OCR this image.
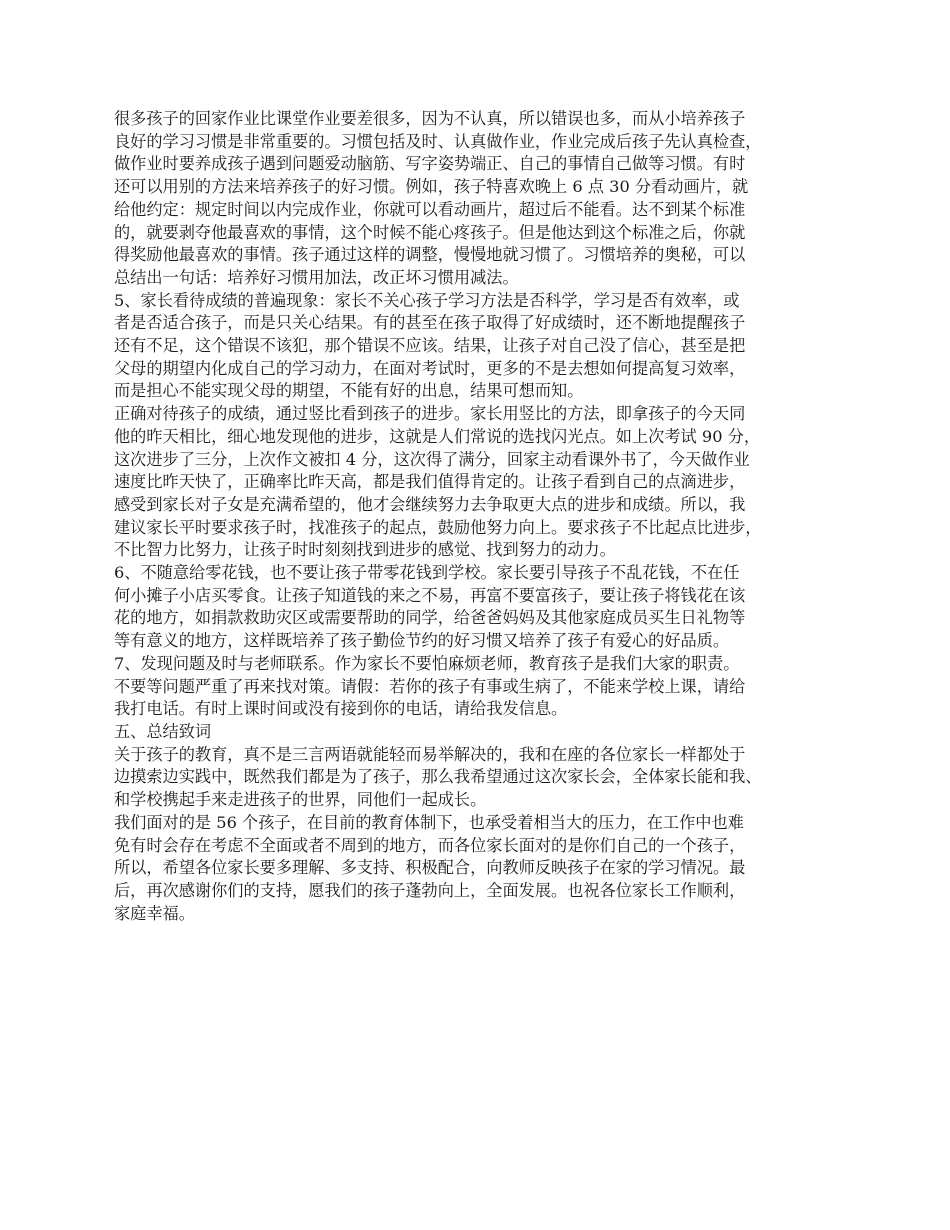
很多孩子的回家作业比课堂作业要差很多，因为不认真，所以错误也多，而从小培养孩子
良好的学习习惯是非常重要的。习惯包括及时、认真做作业，作业完成后孩子先认真检查，
做作业时要养成孩子遇到问题爱动脑筋、写字姿势端正、自己的事情自己做等习惯。有时
还可以用别的方法来培养孩子的好习惯。例如，孩子特喜欢晚上 6 点 30 分看动画片，就
给他约定：规定时间以内完成作业，你就可以看动画片，超过后不能看。达不到某个标准
的，就要剥夺他最喜欢的事情，这个时候不能心疼孩子。但是他达到这个标准之后，你就
得奖励他最喜欢的事情。孩子通过这样的调整，慢慢地就习惯了。习惯培养的奥秘，可以
总结出一句话：培养好习惯用加法，改正坏习惯用减法。

5、家长看待成绩的普遍现象：家长不关心孩子学习方法是否科学，学习是否有效率，或
者是否适合孩子，而是只关心结果。有的甚至在孩子取得了好成绩时，还不断地提醒孩子
还有不足，这个错误不该犯，那个错误不应该。结果，让孩子对自己没了信心，甚至是把
父母的期望内化成自己的学习动力，在面对考试时，更多的不是去想如何提高复习效率，
而是担心不能实现父母的期望，不能有好的出息，结果可想而知。

正确对待孩子的成绩，通过竖比看到孩子的进步。家长用竖比的方法，即拿孩子的今天同
他的昨天相比，细心地发现他的进步，这就是人们常说的选找闪光点。如上次考试 90 分，
这次进步了三分，上次作文被扣 4 分，这次得了满分，回家主动看课外书了，今天做作业
速度比昨天快了，正确率比昨天高，都是我们值得肯定的。让孩子看到自己的点滴进步，
感受到家长对子女是充满希望的，他才会继续努力去争取更大点的进步和成绩。所以，我
建议家长平时要求孩子时，找准孩子的起点，鼓励他努力向上。要求孩子不比起点比进步，
不比智力比努力，让孩子时时刻刻找到进步的感觉、找到努力的动力。

6、不随意给零花钱，也不要让孩子带零花钱到学校。家长要引导孩子不乱花钱，不在任
何小摊子小店买零食。让孩子知道钱的来之不易，再富不要富孩子，要让孩子将钱花在该
花的地方，如捐款救助灾区或需要帮助的同学，给爸爸妈妈及其他家庭成员买生日礼物等
等有意义的地方，这样既培养了孩子勤俭节约的好习惯又培养了孩子有爱心的好品质。

7、发现问题及时与老师联系。作为家长不要怕麻烦老师，教育孩子是我们大家的职责。
不要等问题严重了再来找对策。请假：若你的孩子有事或生病了，不能来学校上课，请给
我打电话。有时上课时间或没有接到你的电话，请给我发信息。

五、总结致词

关于孩子的教育，真不是三言两语就能轻而易举解决的，我和在座的各位家长一样都处于
边摸索边实践中，既然我们都是为了孩子，那么我希望通过这次家长会，全体家长能和我、
和学校携起手来走进孩子的世界，同他们一起成长。

我们面对的是 56 个孩子，在目前的教育体制下，也承受着相当大的压力，在工作中也难
免有时会存在考虑不全面或者不周到的地方，而各位家长面对的是你们自己的一个孩子，
所以，希望各位家长要多理解、多支持、积极配合，向教师反映孩子在家的学习情况。最
后，再次感谢你们的支持，愿我们的孩子蓬勃向上，全面发展。也祝各位家长工作顺利，
家庭幸福。
